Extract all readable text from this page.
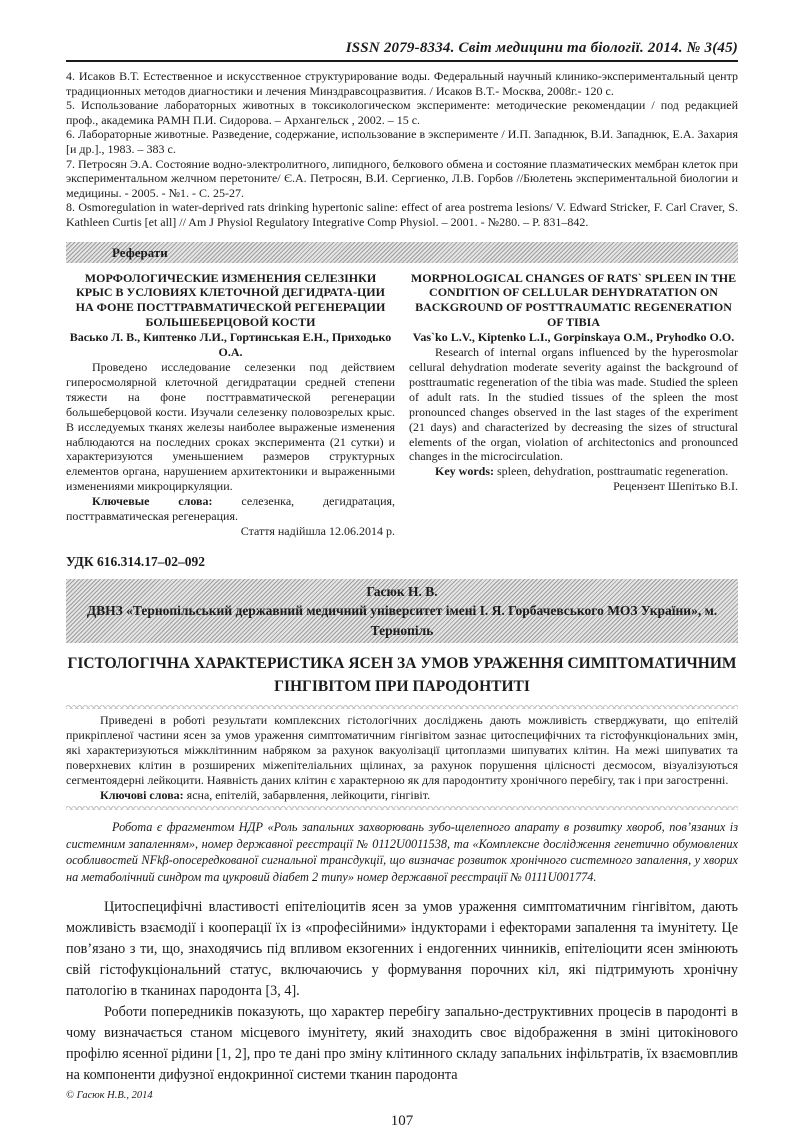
ISSN 2079-8334. Світ медицини та біології. 2014. № 3(45)

4. Исаков В.Т. Естественное и искусственное структурирование воды. Федеральный научный клинико-экспериментальный центр традиционных методов диагностики и лечения Минздравсоцразвития. / Исаков В.Т.- Москва, 2008г.- 120 с.

5. Использование лабораторных животных в токсикологическом эксперименте: методические рекомендации / под редакцией проф., академика РАМН П.И. Сидорова. – Архангельск , 2002. – 15 с.

6. Лабораторные животные. Разведение, содержание, использование в эксперименте / И.П. Западнюк, В.И. Западнюк, Е.А. Захария [и др.]., 1983. – 383 с.

7. Петросян Э.А. Состояние водно-электролитного, липидного, белкового обмена и состояние плазматических мембран клеток при экспериментальном желчном перетоните/ Є.А. Петросян, В.И. Сергиенко, Л.В. Горбов //Бюлетень экспериментальной биологии и медицины. - 2005. - №1. - С. 25-27.

8. Osmoregulation in water-deprived rats drinking hypertonic saline: effect of area postrema lesions/ V. Edward Stricker, F. Carl Craver, S. Kathleen Curtis [et all] // Am J Physiol Regulatory Integrative Comp Physiol. – 2001. - №280. – P. 831–842.

Реферати
МОРФОЛОГИЧЕСКИЕ ИЗМЕНЕНИЯ СЕЛЕЗІНКИ КРЫС В УСЛОВИЯХ КЛЕТОЧНОЙ ДЕГИДРАТА-ЦИИ НА ФОНЕ ПОСТТРАВМАТИЧЕСКОЙ РЕГЕНЕРАЦИИ БОЛЬШЕБЕРЦОВОЙ КОСТИ
Васько Л. В., Киптенко Л.И., Гортинськая Е.Н., Приходько О.А.
Проведено исследование селезенки под действием гиперосмолярной клеточной дегидратации средней степени тяжести на фоне посттравматической регенерации большеберцовой кости. Изучали селезенку половозрелых крыс. В исследуемых тканях железы наиболее выраженые изменения наблюдаются на последних сроках эксперимента (21 сутки) и характеризуются уменьшением размеров структурных елементов органа, нарушением архитектоники и выраженными изменениями микроциркуляции.
Ключевые слова: селезенка, дегидратация, посттравматическая регенерация.
Стаття надійшла 12.06.2014 р.
MORPHOLOGICAL CHANGES OF RATS` SPLEEN IN THE CONDITION OF CELLULAR DEHYDRATATION ON BACKGROUND OF POSTTRAUMATIC REGENERATION OF TIBIA
Vas`ko L.V., Kiptenko L.I., Gorpinskaya O.M., Pryhodko O.O.
Research of internal organs influenced by the hyperosmolar cellural dehydration moderate severity against the background of posttraumatic regeneration of the tibia was made. Studied the spleen of adult rats. In the studied tissues of the spleen the most pronounced changes observed in the last stages of the experiment (21 days) and characterized by decreasing the sizes of structural elements of the organ, violation of architectonics and pronounced changes in the microcirculation.
Key words: spleen, dehydration, posttraumatic regeneration.
Рецензент Шепітько В.І.
УДК 616.314.17–02–092
Гасюк Н. В.
ДВНЗ «Тернопільський державний медичний університет імені І. Я. Горбачевського МОЗ України», м. Тернопіль
ГІСТОЛОГІЧНА ХАРАКТЕРИСТИКА ЯСЕН ЗА УМОВ УРАЖЕННЯ СИМПТОМАТИЧНИМ ГІНГІВІТОМ ПРИ ПАРОДОНТИТІ

Приведені в роботі результати комплексних гістологічних досліджень дають можливість стверджувати, що епітелій прикріпленої частини ясен за умов ураження симптоматичним гінгівітом зазнає цитоспецифічних та гістофункціональних змін, які характеризуються міжклітинним набряком за рахунок вакуолізації цитоплазми шипуватих клітин. На межі шипуватих та поверхневих клітин в розширених міжепітеліальних щілинах, за рахунок порушення цілісності десмосом, візуалізуються сегментоядерні лейкоцити. Наявність даних клітин є характерною як для пародонтиту хронічного перебігу, так і при загостренні.

Ключові слова: ясна, епітелій, забарвлення, лейкоцити, гінгівіт.

Робота є фрагментом НДР «Роль запальних захворювань зубо-щелепного апарату в розвитку хвороб, пов’язаних із системним запаленням», номер державної реєстрації № 0112U0011538, та «Комплексне дослідження генетично обумовлених особливостей NFkβ-опосередкованої сигнальної трансдукції, що визначає розвиток хронічного системного запалення, у хворих на метаболічний синдром та цукровий діабет 2 типу» номер державної реєстрації № 0111U001774.

Цитоспецифічні властивості епітеліоцитів ясен за умов ураження симптоматичним гінгівітом, дають можливість взаємодії і кооперації їх із «професійними» індукторами і ефекторами запалення та імунітету. Це пов’язано з ти, що, знаходячись під впливом екзогенних і ендогенних чинників, епітеліоцити ясен змінюють свій гістофукціональний статус, включаючись у формування порочних кіл, які підтримують хронічну патологію в тканинах пародонта [3, 4].

Роботи попередників показують, що характер перебігу запально-деструктивних процесів в пародонті в чому визначається станом місцевого імунітету, який знаходить своє відображення в зміні цитокінового профілю ясенної рідини [1, 2], про те дані про зміну клітинного складу запальних інфільтратів, їх взаємовплив на компоненти дифузної ендокринної системи тканин пародонта

© Гасюк Н.В., 2014
107
